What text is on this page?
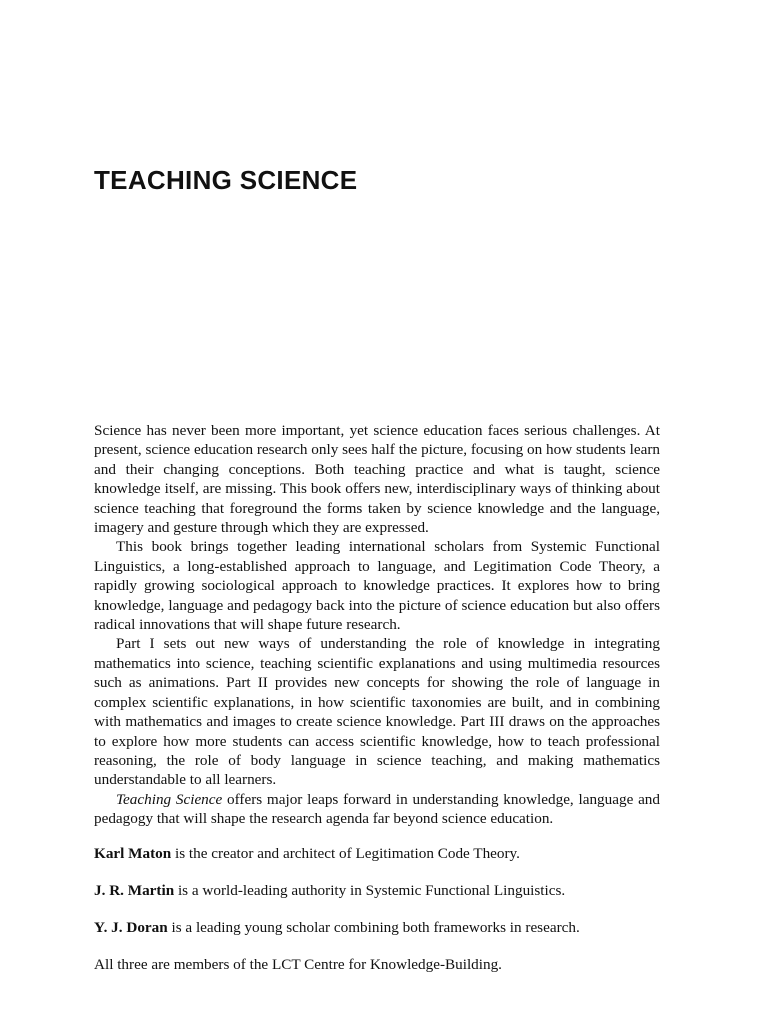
TEACHING SCIENCE

Science has never been more important, yet science education faces serious challenges. At present, science education research only sees half the picture, focusing on how students learn and their changing conceptions. Both teaching practice and what is taught, science knowledge itself, are missing. This book offers new, interdisciplinary ways of thinking about science teaching that foreground the forms taken by science knowledge and the language, imagery and gesture through which they are expressed.

This book brings together leading international scholars from Systemic Functional Linguistics, a long-established approach to language, and Legitimation Code Theory, a rapidly growing sociological approach to knowledge practices. It explores how to bring knowledge, language and pedagogy back into the picture of science education but also offers radical innovations that will shape future research.

Part I sets out new ways of understanding the role of knowledge in integrating mathematics into science, teaching scientific explanations and using multimedia resources such as animations. Part II provides new concepts for showing the role of language in complex scientific explanations, in how scientific taxonomies are built, and in combining with mathematics and images to create science knowledge. Part III draws on the approaches to explore how more students can access scientific knowledge, how to teach professional reasoning, the role of body language in science teaching, and making mathematics understandable to all learners.

Teaching Science offers major leaps forward in understanding knowledge, language and pedagogy that will shape the research agenda far beyond science education.

Karl Maton is the creator and architect of Legitimation Code Theory.

J. R. Martin is a world-leading authority in Systemic Functional Linguistics.

Y. J. Doran is a leading young scholar combining both frameworks in research.

All three are members of the LCT Centre for Knowledge-Building.
